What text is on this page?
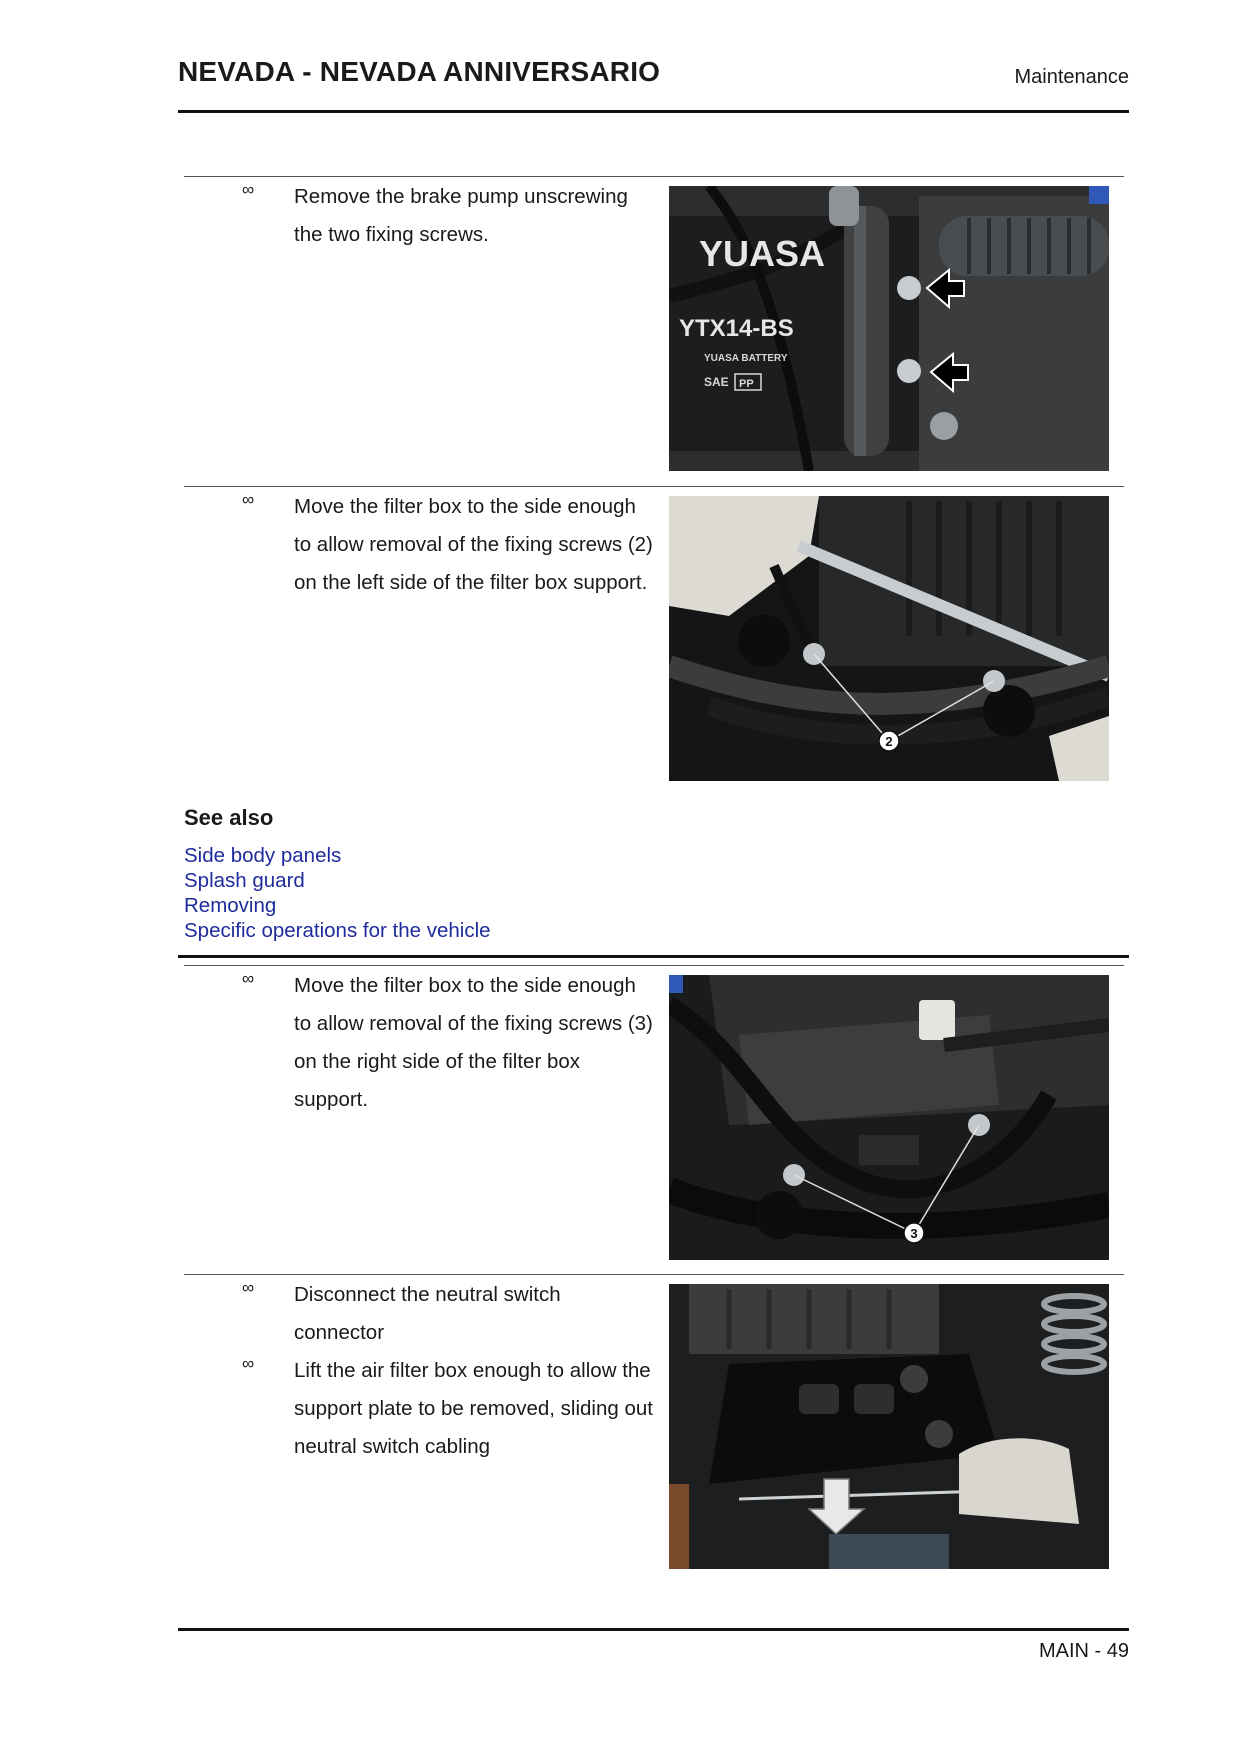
NEVADA - NEVADA ANNIVERSARIO	Maintenance
∞ Remove the brake pump unscrewing the two fixing screws.	YUASA
YTX14-BS
YUASA BATTERY
SAE PP
∞ Move the filter box to the side enough to allow removal of the fixing screws (2) on the left side of the filter box support.

2

See also

Side body panels
Splash guard
Removing
Specific operations for the vehicle
∞ Move the filter box to the side enough to allow removal of the fixing screws (3) on the right side of the filter box support.

3
∞ Disconnect the neutral switch connector

∞ Lift the air filter box enough to allow the support plate to be removed, sliding out neutral switch cabling

MAIN - 49
